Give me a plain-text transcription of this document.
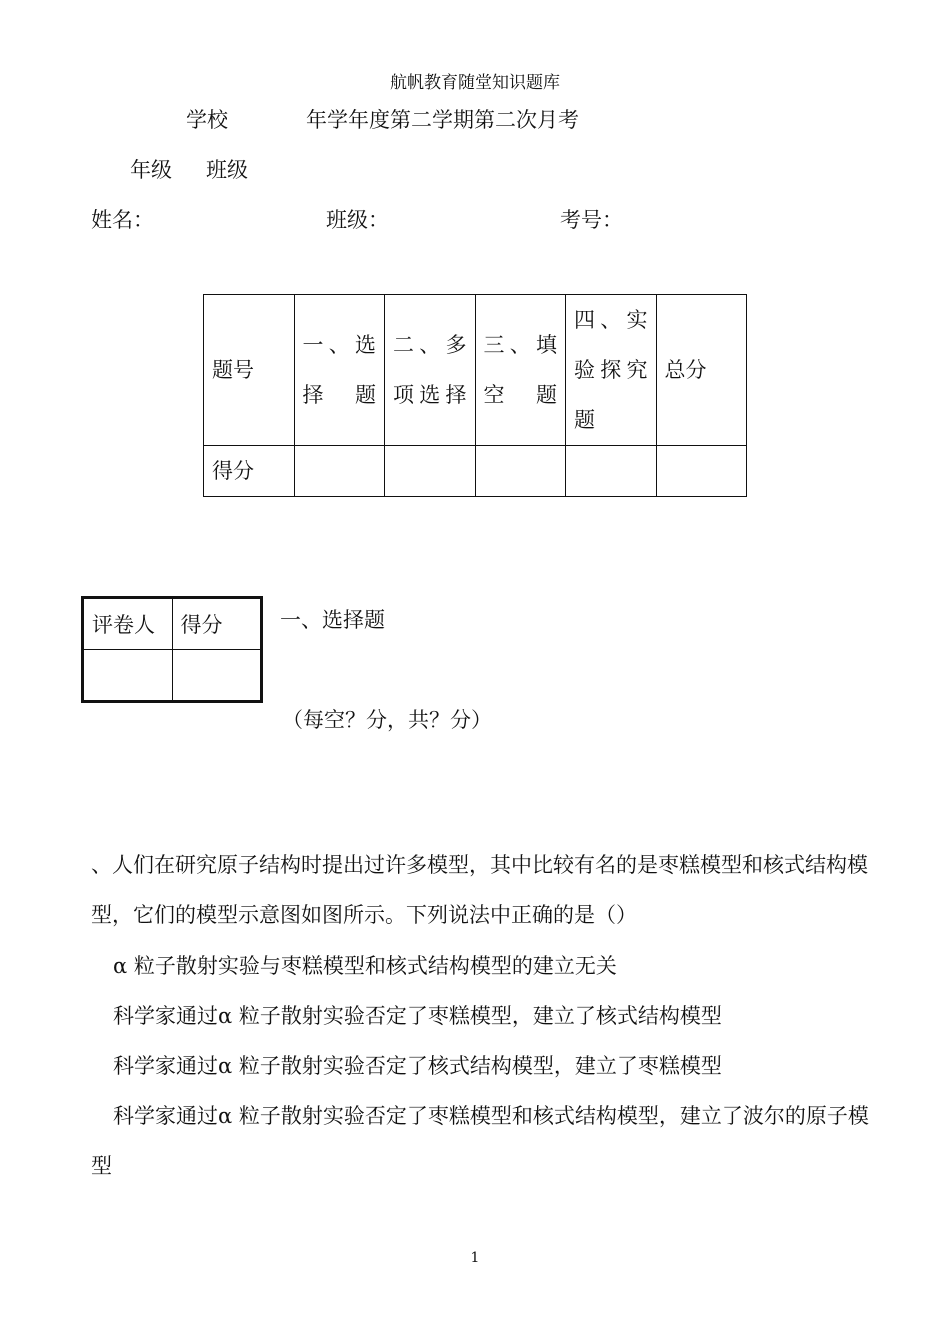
航帆教育随堂知识题库
学校	年学年度第二学期第二次月考
年级 班级
姓名：	班级：	考号：
题号	一、选择题	二、多项选择	三、填空题	四、实验探究题	总分
得分					
评卷人	得分
		一、选择题
（每空？分，共？分）
、人们在研究原子结构时提出过许多模型，其中比较有名的是枣糕模型和核式结构模型，它们的模型示意图如图所示。下列说法中正确的是（）
α 粒子散射实验与枣糕模型和核式结构模型的建立无关
科学家通过α 粒子散射实验否定了枣糕模型，建立了核式结构模型
科学家通过α 粒子散射实验否定了核式结构模型，建立了枣糕模型
科学家通过α 粒子散射实验否定了枣糕模型和核式结构模型，建立了波尔的原子模型
1
